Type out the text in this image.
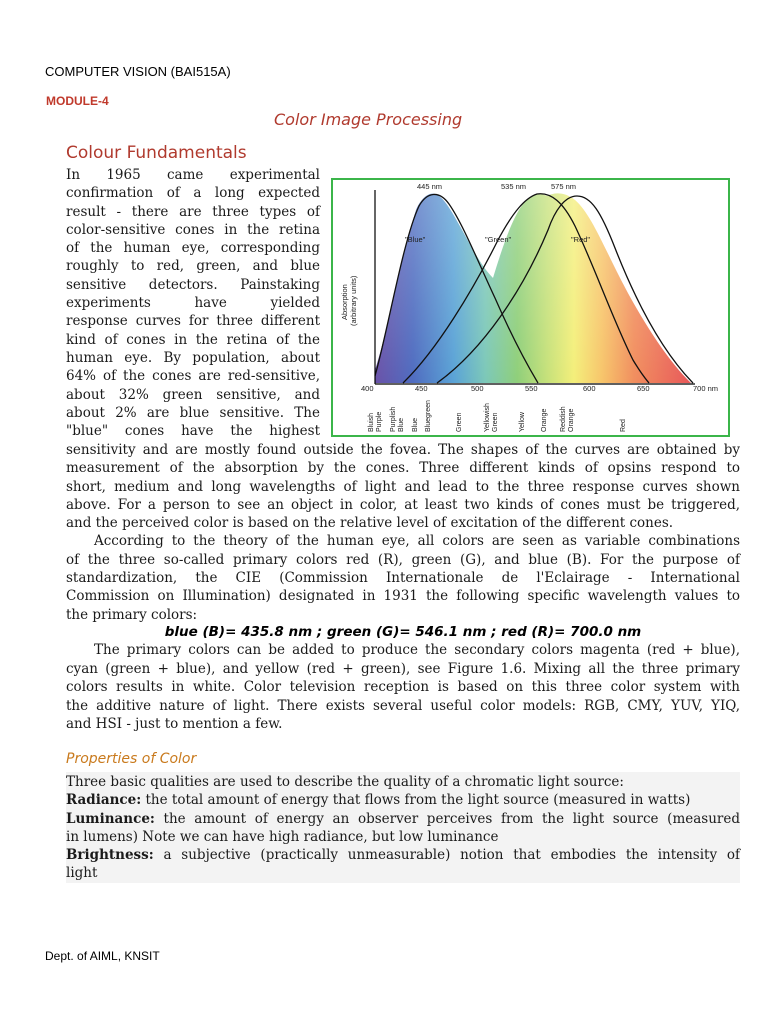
COMPUTER VISION (BAI515A)
MODULE-4
Color Image Processing
Colour Fundamentals
In 1965 came experimental
confirmation of a long expected
result - there are three types of
color-sensitive cones in the retina
of the human eye, corresponding
roughly to red, green, and blue
sensitive detectors. Painstaking
experiments have yielded
response curves for three different
kind of cones in the retina of the
human eye. By population, about
64% of the cones are red-sensitive,
about 32% green sensitive, and
about 2% are blue sensitive. The
"blue" cones have the highest
Absorption (arbitrary units)
445 nm	535 nm	575 nm
"Blue"	"Green"	"Red"
400	450	500	550	600	650	700 nm
Bluish Purple Purplish Blue Blue Bluegreen	Green	Yellowish Green	Yellow Orange Reddish Orange	Red
sensitivity and are mostly found outside the fovea. The shapes of the curves are obtained by
measurement of the absorption by the cones. Three different kinds of opsins respond to
short, medium and long wavelengths of light and lead to the three response curves shown
above. For a person to see an object in color, at least two kinds of cones must be triggered,
and the perceived color is based on the relative level of excitation of the different cones.
According to the theory of the human eye, all colors are seen as variable combinations
of the three so-called primary colors red (R), green (G), and blue (B). For the purpose of
standardization, the CIE (Commission Internationale de l'Eclairage - International
Commission on Illumination) designated in 1931 the following specific wavelength values to
the primary colors:
blue (B)= 435.8 nm ; green (G)= 546.1 nm ; red (R)= 700.0 nm
The primary colors can be added to produce the secondary colors magenta (red + blue),
cyan (green + blue), and yellow (red + green), see Figure 1.6. Mixing all the three primary
colors results in white. Color television reception is based on this three color system with
the additive nature of light. There exists several useful color models: RGB, CMY, YUV, YIQ,
and HSI - just to mention a few.
Properties of Color
Three basic qualities are used to describe the quality of a chromatic light source:
Radiance: the total amount of energy that flows from the light source (measured in watts)
Luminance: the amount of energy an observer perceives from the light source (measured
in lumens) Note we can have high radiance, but low luminance
Brightness: a subjective (practically unmeasurable) notion that embodies the intensity of
light
Dept. of AIML, KNSIT
